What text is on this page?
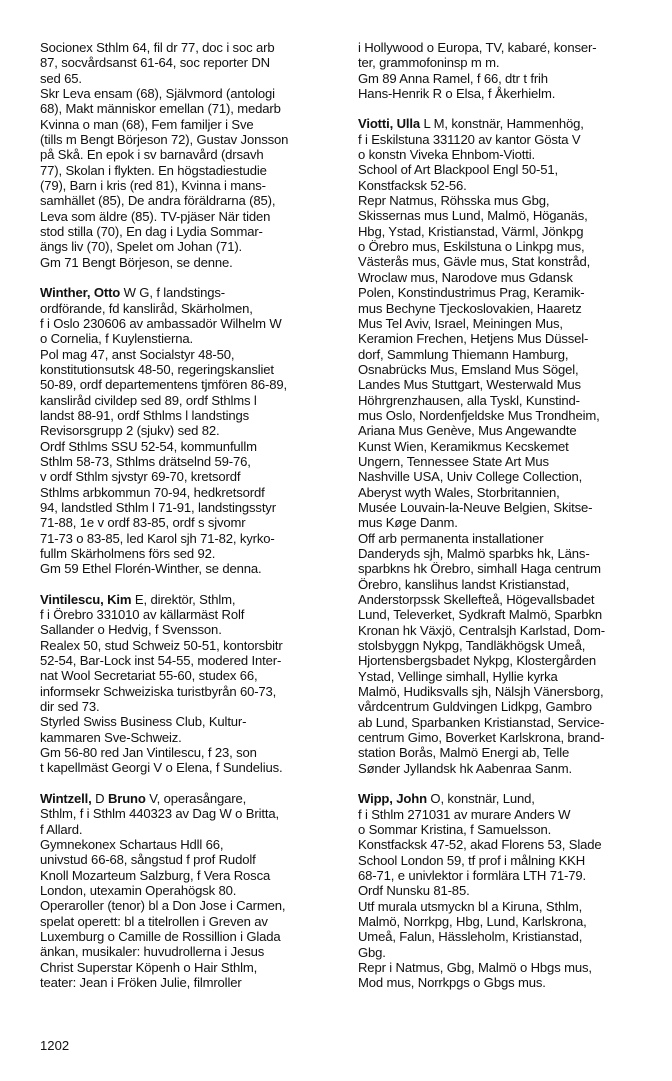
Socionex Sthlm 64, fil dr 77, doc i soc arb
87, socvårdsanst 61-64, soc reporter DN
sed 65.
Skr Leva ensam (68), Självmord (antologi
68), Makt människor emellan (71), medarb
Kvinna o man (68), Fem familjer i Sve
(tills m Bengt Börjeson 72), Gustav Jonsson
på Skå. En epok i sv barnavård (drsavh
77), Skolan i flykten. En högstadiestudie
(79), Barn i kris (red 81), Kvinna i mans-
samhället (85), De andra föräldrarna (85),
Leva som äldre (85). TV-pjäser När tiden
stod stilla (70), En dag i Lydia Sommar-
ängs liv (70), Spelet om Johan (71).
Gm 71 Bengt Börjeson, se denne.
Winther, Otto W G, f landstings-
ordförande, fd kansliråd, Skärholmen,
f i Oslo 230606 av ambassadör Wilhelm W
o Cornelia, f Kuylenstierna.
Pol mag 47, anst Socialstyr 48-50,
konstitutionsutsk 48-50, regeringskansliet
50-89, ordf departementens tjmfören 86-89,
kansliråd civildep sed 89, ordf Sthlms l
landst 88-91, ordf Sthlms l landstings
Revisorsgrupp 2 (sjukv) sed 82.
Ordf Sthlms SSU 52-54, kommunfullm
Sthlm 58-73, Sthlms drätselnd 59-76,
v ordf Sthlm sjvstyr 69-70, kretsordf
Sthlms arbkommun 70-94, hedkretsordf
94, landstled Sthlm l 71-91, landstingsstyr
71-88, 1e v ordf 83-85, ordf s sjvomr
71-73 o 83-85, led Karol sjh 71-82, kyrko-
fullm Skärholmens förs sed 92.
Gm 59 Ethel Florén-Winther, se denna.
Vintilescu, Kim E, direktör, Sthlm,
f i Örebro 331010 av källarmäst Rolf
Sallander o Hedvig, f Svensson.
Realex 50, stud Schweiz 50-51, kontorsbitr
52-54, Bar-Lock inst 54-55, modered Inter-
nat Wool Secretariat 55-60, studex 66,
informsekr Schweiziska turistbyrån 60-73,
dir sed 73.
Styrled Swiss Business Club, Kultur-
kammaren Sve-Schweiz.
Gm 56-80 red Jan Vintilescu, f 23, son
t kapellmäst Georgi V o Elena, f Sundelius.
Wintzell, D Bruno V, operasångare,
Sthlm, f i Sthlm 440323 av Dag W o Britta,
f Allard.
Gymnekonex Schartaus Hdll 66,
univstud 66-68, sångstud f prof Rudolf
Knoll Mozarteum Salzburg, f Vera Rosca
London, utexamin Operahögsk 80.
Operaroller (tenor) bl a Don Jose i Carmen,
spelat operett: bl a titelrollen i Greven av
Luxemburg o Camille de Rossillion i Glada
änkan, musikaler: huvudrollerna i Jesus
Christ Superstar Köpenh o Hair Sthlm,
teater: Jean i Fröken Julie, filmroller
i Hollywood o Europa, TV, kabaré, konser-
ter, grammofoninsp m m.
Gm 89 Anna Ramel, f 66, dtr t frih
Hans-Henrik R o Elsa, f Åkerhielm.
Viotti, Ulla L M, konstnär, Hammenhög,
f i Eskilstuna 331120 av kantor Gösta V
o konstn Viveka Ehnbom-Viotti.
School of Art Blackpool Engl 50-51,
Konstfacksk 52-56.
Repr Natmus, Röhsska mus Gbg,
Skissernas mus Lund, Malmö, Höganäs,
Hbg, Ystad, Kristianstad, Värml, Jönkpg
o Örebro mus, Eskilstuna o Linkpg mus,
Västerås mus, Gävle mus, Stat konstråd,
Wroclaw mus, Narodove mus Gdansk
Polen, Konstindustrimus Prag, Keramik-
mus Bechyne Tjeckoslovakien, Haaretz
Mus Tel Aviv, Israel, Meiningen Mus,
Keramion Frechen, Hetjens Mus Düssel-
dorf, Sammlung Thiemann Hamburg,
Osnabrücks Mus, Emsland Mus Sögel,
Landes Mus Stuttgart, Westerwald Mus
Höhrgrenzhausen, alla Tyskl, Kunstind-
mus Oslo, Nordenfjeldske Mus Trondheim,
Ariana Mus Genève, Mus Angewandte
Kunst Wien, Keramikmus Kecskemet
Ungern, Tennessee State Art Mus
Nashville USA, Univ College Collection,
Aberyst wyth Wales, Storbritannien,
Musée Louvain-la-Neuve Belgien, Skitse-
mus Køge Danm.
Off arb permanenta installationer
Danderyds sjh, Malmö sparbks hk, Läns-
sparbkns hk Örebro, simhall Haga centrum
Örebro, kanslihus landst Kristianstad,
Anderstorpssk Skellefteå, Högevallsbadet
Lund, Televerket, Sydkraft Malmö, Sparbkn
Kronan hk Växjö, Centralsjh Karlstad, Dom-
stolsbyggn Nykpg, Tandläkhögsk Umeå,
Hjortensbergsbadet Nykpg, Klostergården
Ystad, Vellinge simhall, Hyllie kyrka
Malmö, Hudiksvalls sjh, Nälsjh Vänersborg,
vårdcentrum Guldvingen Lidkpg, Gambro
ab Lund, Sparbanken Kristianstad, Service-
centrum Gimo, Boverket Karlskrona, brand-
station Borås, Malmö Energi ab, Telle
Sønder Jyllandsk hk Aabenraa Sanm.
Wipp, John O, konstnär, Lund,
f i Sthlm 271031 av murare Anders W
o Sommar Kristina, f Samuelsson.
Konstfacksk 47-52, akad Florens 53, Slade
School London 59, tf prof i målning KKH
68-71, e univlektor i formlära LTH 71-79.
Ordf Nunsku 81-85.
Utf murala utsmyckn bl a Kiruna, Sthlm,
Malmö, Norrkpg, Hbg, Lund, Karlskrona,
Umeå, Falun, Hässleholm, Kristianstad,
Gbg.
Repr i Natmus, Gbg, Malmö o Hbgs mus,
Mod mus, Norrkpgs o Gbgs mus.
1202
